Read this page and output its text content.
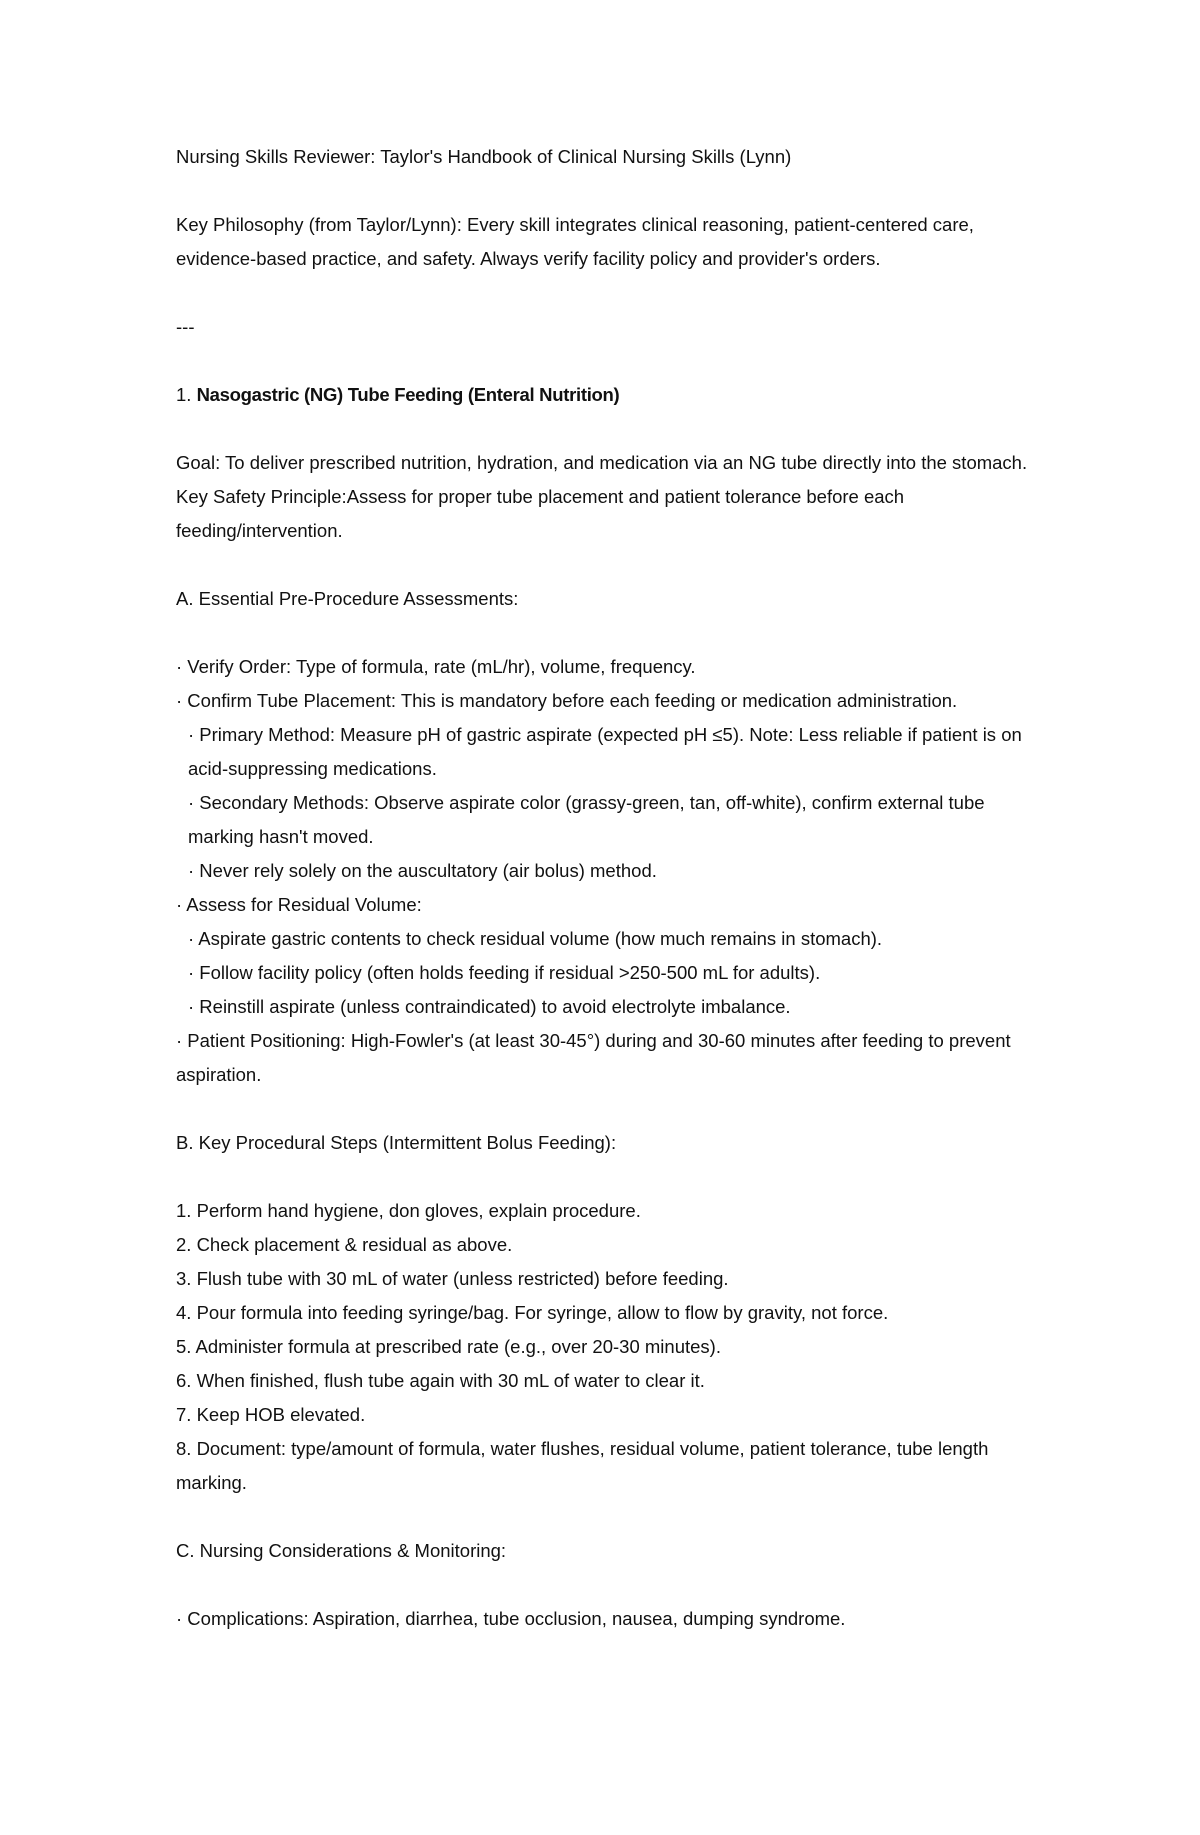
Nursing Skills Reviewer: Taylor's Handbook of Clinical Nursing Skills (Lynn)

Key Philosophy (from Taylor/Lynn): Every skill integrates clinical reasoning, patient-centered care, evidence-based practice, and safety. Always verify facility policy and provider's orders.

---

1. Nasogastric (NG) Tube Feeding (Enteral Nutrition)

Goal: To deliver prescribed nutrition, hydration, and medication via an NG tube directly into the stomach.

Key Safety Principle:Assess for proper tube placement and patient tolerance before each feeding/intervention.

A. Essential Pre-Procedure Assessments:

· Verify Order: Type of formula, rate (mL/hr), volume, frequency.

· Confirm Tube Placement: This is mandatory before each feeding or medication administration.

· Primary Method: Measure pH of gastric aspirate (expected pH ≤5). Note: Less reliable if patient is on acid-suppressing medications.

· Secondary Methods: Observe aspirate color (grassy-green, tan, off-white), confirm external tube marking hasn't moved.

· Never rely solely on the auscultatory (air bolus) method.

· Assess for Residual Volume:

· Aspirate gastric contents to check residual volume (how much remains in stomach).

· Follow facility policy (often holds feeding if residual >250-500 mL for adults).

· Reinstill aspirate (unless contraindicated) to avoid electrolyte imbalance.

· Patient Positioning: High-Fowler's (at least 30-45°) during and 30-60 minutes after feeding to prevent aspiration.

B. Key Procedural Steps (Intermittent Bolus Feeding):

1. Perform hand hygiene, don gloves, explain procedure.

2. Check placement & residual as above.

3. Flush tube with 30 mL of water (unless restricted) before feeding.

4. Pour formula into feeding syringe/bag. For syringe, allow to flow by gravity, not force.

5. Administer formula at prescribed rate (e.g., over 20-30 minutes).

6. When finished, flush tube again with 30 mL of water to clear it.

7. Keep HOB elevated.

8. Document: type/amount of formula, water flushes, residual volume, patient tolerance, tube length marking.

C. Nursing Considerations & Monitoring:

· Complications: Aspiration, diarrhea, tube occlusion, nausea, dumping syndrome.
